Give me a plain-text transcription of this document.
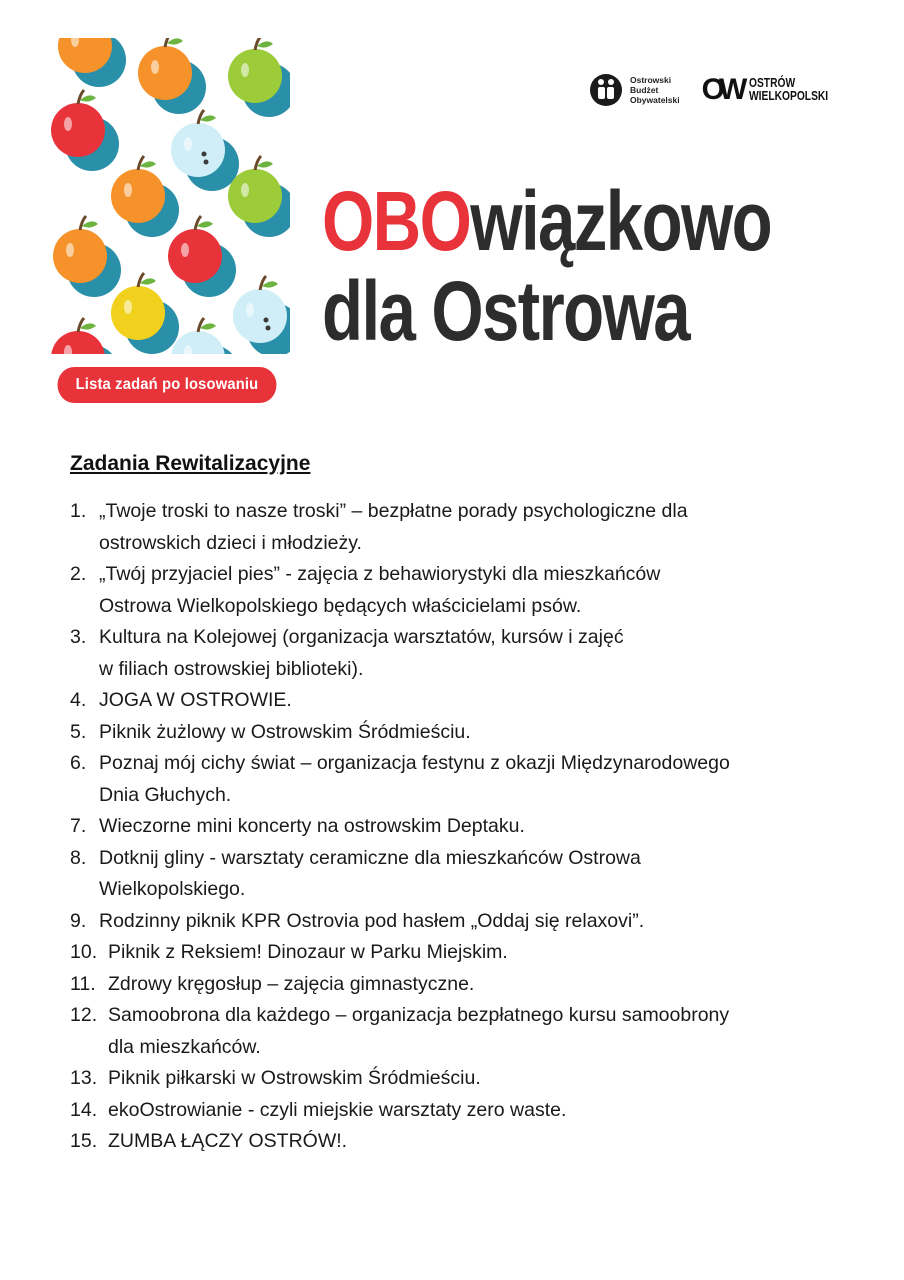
Lista zadań po losowaniu
Ostrowski
Budżet
Obywatelski OW OSTRÓW
WIELKOPOLSKI
OBOwiązkowo
dla Ostrowa
Zadania Rewitalizacyjne
1. „Twoje troski to nasze troski” – bezpłatne porady psychologiczne dla
ostrowskich dzieci i młodzieży.
2. „Twój przyjaciel pies” - zajęcia z behawiorystyki dla mieszkańców
Ostrowa Wielkopolskiego będących właścicielami psów.
3. Kultura na Kolejowej (organizacja warsztatów, kursów i zajęć
w filiach ostrowskiej biblioteki).
4. JOGA W OSTROWIE.
5. Piknik żużlowy w Ostrowskim Śródmieściu.
6. Poznaj mój cichy świat – organizacja festynu z okazji Międzynarodowego
Dnia Głuchych.
7. Wieczorne mini koncerty na ostrowskim Deptaku.
8. Dotknij gliny - warsztaty ceramiczne dla mieszkańców Ostrowa
Wielkopolskiego.
9. Rodzinny piknik KPR Ostrovia pod hasłem „Oddaj się relaxovi”.
10. Piknik z Reksiem! Dinozaur w Parku Miejskim.
11. Zdrowy kręgosłup – zajęcia gimnastyczne.
12. Samoobrona dla każdego – organizacja bezpłatnego kursu samoobrony
dla mieszkańców.
13. Piknik piłkarski w Ostrowskim Śródmieściu.
14. ekoOstrowianie - czyli miejskie warsztaty zero waste.
15. ZUMBA ŁĄCZY OSTRÓW!.
